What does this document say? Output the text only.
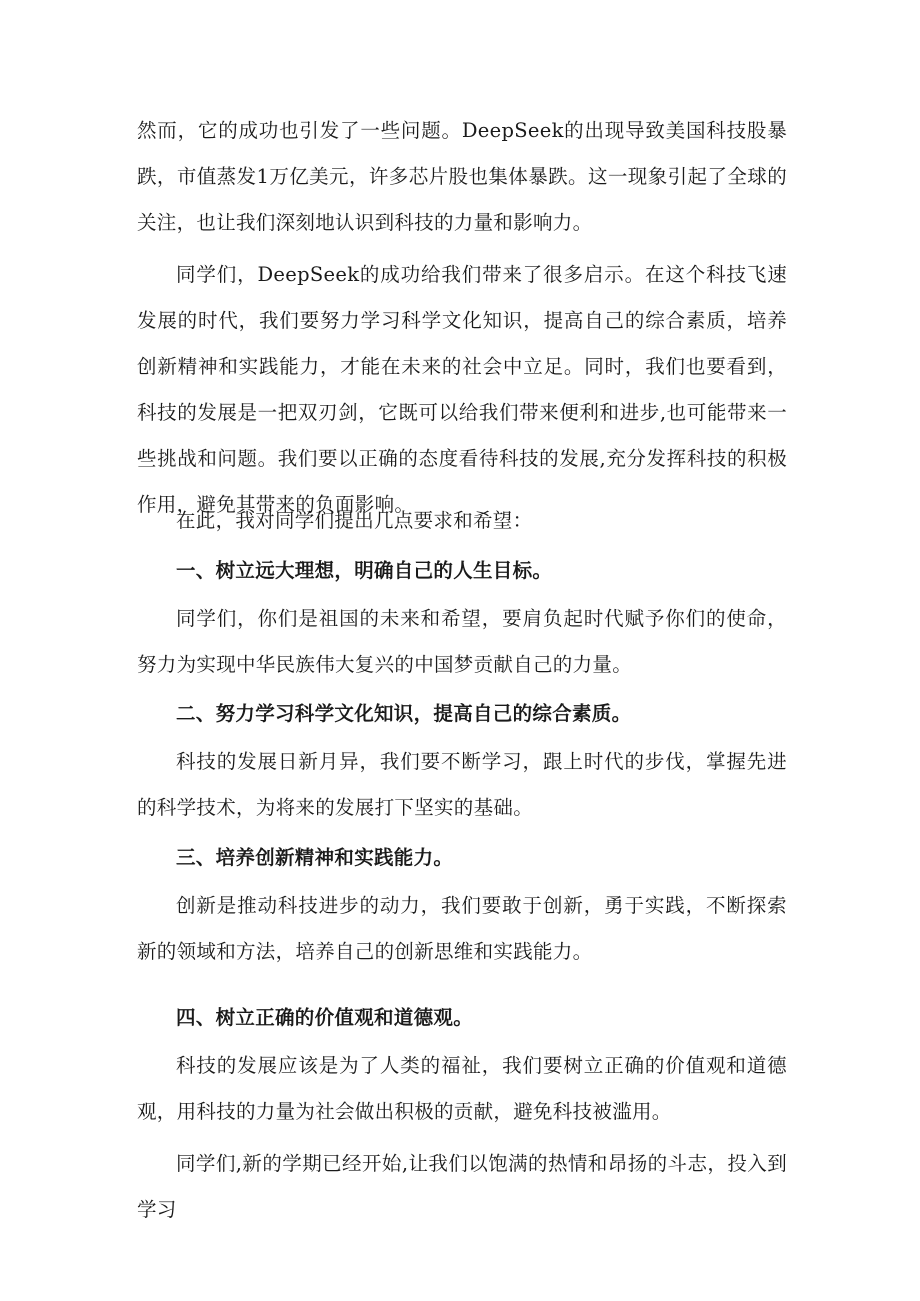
然而，它的成功也引发了一些问题。DeepSeek的出现导致美国科技股暴跌，市值蒸发1万亿美元，许多芯片股也集体暴跌。这一现象引起了全球的关注，也让我们深刻地认识到科技的力量和影响力。

同学们，DeepSeek的成功给我们带来了很多启示。在这个科技飞速发展的时代，我们要努力学习科学文化知识，提高自己的综合素质，培养创新精神和实践能力，才能在未来的社会中立足。同时，我们也要看到，科技的发展是一把双刃剑，它既可以给我们带来便利和进步,也可能带来一些挑战和问题。我们要以正确的态度看待科技的发展,充分发挥科技的积极作用，避免其带来的负面影响。

在此，我对同学们提出几点要求和希望：

一、树立远大理想，明确自己的人生目标。

同学们，你们是祖国的未来和希望，要肩负起时代赋予你们的使命，努力为实现中华民族伟大复兴的中国梦贡献自己的力量。

二、努力学习科学文化知识，提高自己的综合素质。

科技的发展日新月异，我们要不断学习，跟上时代的步伐，掌握先进的科学技术，为将来的发展打下坚实的基础。

三、培养创新精神和实践能力。

创新是推动科技进步的动力，我们要敢于创新，勇于实践，不断探索新的领域和方法，培养自己的创新思维和实践能力。

四、树立正确的价值观和道德观。

科技的发展应该是为了人类的福祉，我们要树立正确的价值观和道德观，用科技的力量为社会做出积极的贡献，避免科技被滥用。

同学们,新的学期已经开始,让我们以饱满的热情和昂扬的斗志，投入到学习
